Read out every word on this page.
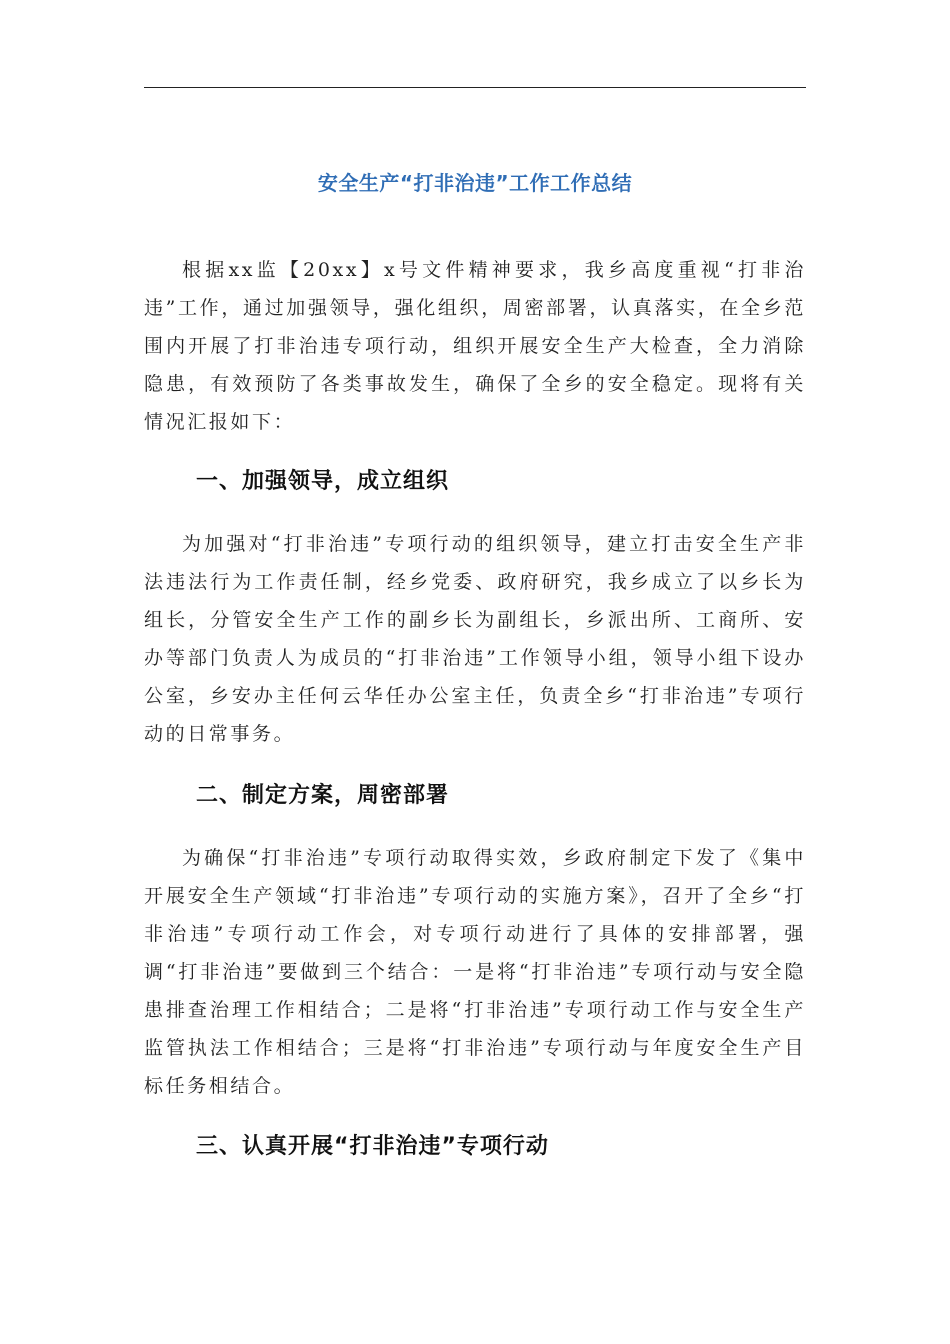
安全生产“打非治违”工作工作总结

根据xx监【20xx】x号文件精神要求，我乡高度重视“打非治违”工作，通过加强领导，强化组织，周密部署，认真落实，在全乡范围内开展了打非治违专项行动，组织开展安全生产大检查，全力消除隐患，有效预防了各类事故发生，确保了全乡的安全稳定。现将有关情况汇报如下：

一、加强领导，成立组织

为加强对“打非治违”专项行动的组织领导，建立打击安全生产非法违法行为工作责任制，经乡党委、政府研究，我乡成立了以乡长为组长，分管安全生产工作的副乡长为副组长，乡派出所、工商所、安办等部门负责人为成员的“打非治违”工作领导小组，领导小组下设办公室，乡安办主任何云华任办公室主任，负责全乡“打非治违”专项行动的日常事务。

二、制定方案，周密部署

为确保“打非治违”专项行动取得实效，乡政府制定下发了《集中开展安全生产领域“打非治违”专项行动的实施方案》，召开了全乡“打非治违”专项行动工作会，对专项行动进行了具体的安排部署，强调“打非治违”要做到三个结合：一是将“打非治违”专项行动与安全隐患排查治理工作相结合；二是将“打非治违”专项行动工作与安全生产监管执法工作相结合；三是将“打非治违”专项行动与年度安全生产目标任务相结合。

三、认真开展“打非治违”专项行动
